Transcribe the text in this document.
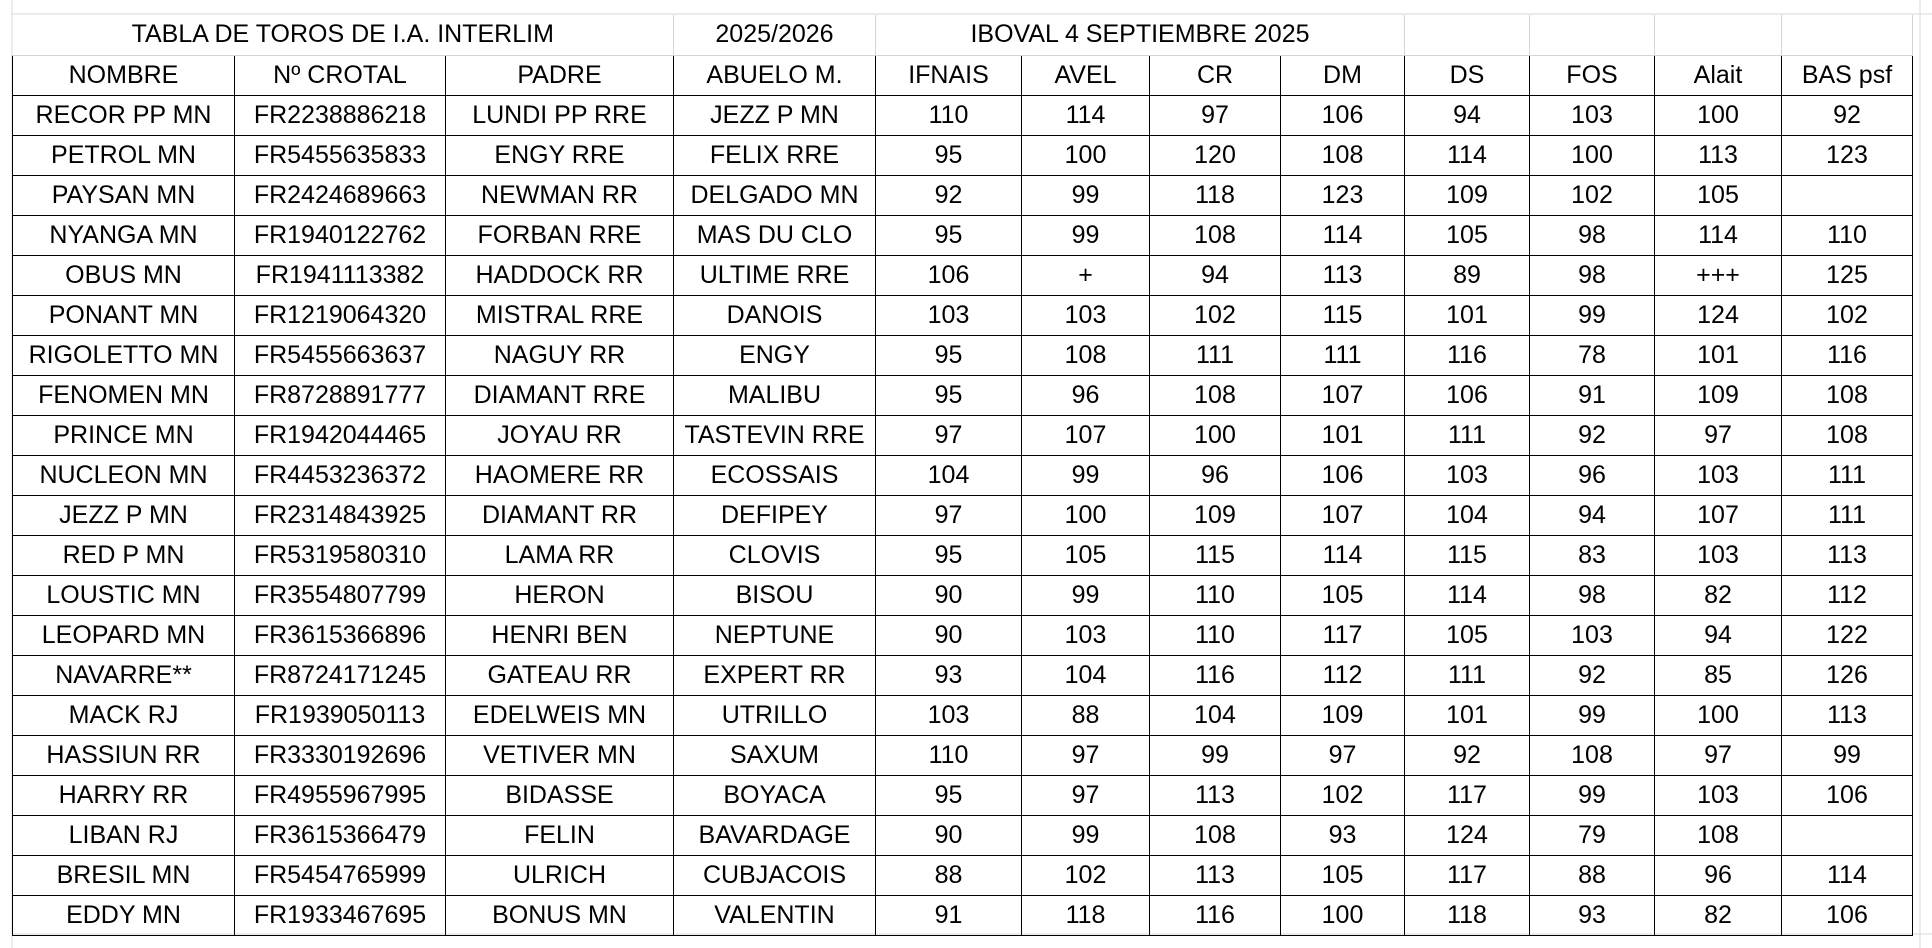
TABLA DE TOROS DE I.A. INTERLIM			2025/2026	IBOVAL 4 SEPTIEMBRE 2025							
NOMBRE	Nº CROTAL	PADRE	ABUELO M.	IFNAIS	AVEL	CR	DM	DS	FOS	Alait	BAS psf
RECOR PP MN	FR2238886218	LUNDI PP RRE	JEZZ P MN	110	114	97	106	94	103	100	92
PETROL MN	FR5455635833	ENGY RRE	FELIX RRE	95	100	120	108	114	100	113	123
PAYSAN MN	FR2424689663	NEWMAN RR	DELGADO MN	92	99	118	123	109	102	105	
NYANGA MN	FR1940122762	FORBAN RRE	MAS DU CLO	95	99	108	114	105	98	114	110
OBUS MN	FR1941113382	HADDOCK RR	ULTIME RRE	106	+	94	113	89	98	+++	125
PONANT MN	FR1219064320	MISTRAL RRE	DANOIS	103	103	102	115	101	99	124	102
RIGOLETTO MN	FR5455663637	NAGUY RR	ENGY	95	108	111	111	116	78	101	116
FENOMEN MN	FR8728891777	DIAMANT RRE	MALIBU	95	96	108	107	106	91	109	108
PRINCE MN	FR1942044465	JOYAU RR	TASTEVIN RRE	97	107	100	101	111	92	97	108
NUCLEON MN	FR4453236372	HAOMERE RR	ECOSSAIS	104	99	96	106	103	96	103	111
JEZZ P MN	FR2314843925	DIAMANT RR	DEFIPEY	97	100	109	107	104	94	107	111
RED P MN	FR5319580310	LAMA RR	CLOVIS	95	105	115	114	115	83	103	113
LOUSTIC MN	FR3554807799	HERON	BISOU	90	99	110	105	114	98	82	112
LEOPARD MN	FR3615366896	HENRI BEN	NEPTUNE	90	103	110	117	105	103	94	122
NAVARRE**	FR8724171245	GATEAU RR	EXPERT RR	93	104	116	112	111	92	85	126
MACK RJ	FR1939050113	EDELWEIS MN	UTRILLO	103	88	104	109	101	99	100	113
HASSIUN RR	FR3330192696	VETIVER MN	SAXUM	110	97	99	97	92	108	97	99
HARRY RR	FR4955967995	BIDASSE	BOYACA	95	97	113	102	117	99	103	106
LIBAN RJ	FR3615366479	FELIN	BAVARDAGE	90	99	108	93	124	79	108	
BRESIL MN	FR5454765999	ULRICH	CUBJACOIS	88	102	113	105	117	88	96	114
EDDY MN	FR1933467695	BONUS MN	VALENTIN	91	118	116	100	118	93	82	106
